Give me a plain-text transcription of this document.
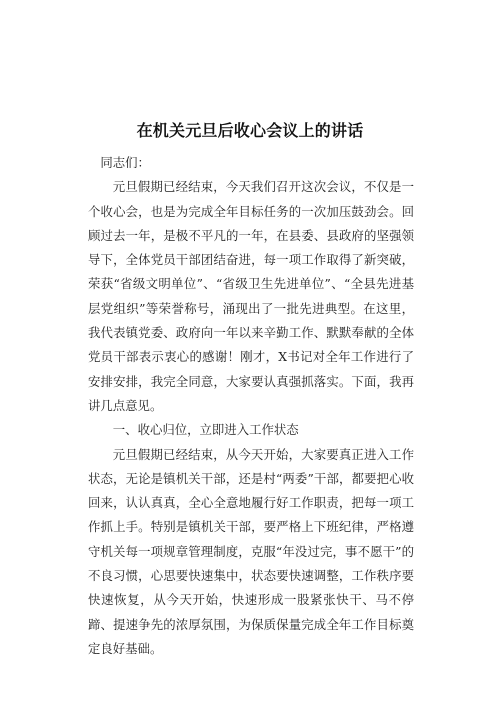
在机关元旦后收心会议上的讲话

同志们：

元旦假期已经结束，今天我们召开这次会议，不仅是一个收心会，也是为完成全年目标任务的一次加压鼓劲会。回顾过去一年，是极不平凡的一年，在县委、县政府的坚强领导下，全体党员干部团结奋进，每一项工作取得了新突破，荣获“省级文明单位”、“省级卫生先进单位”、“全县先进基层党组织”等荣誉称号，涌现出了一批先进典型。在这里，我代表镇党委、政府向一年以来辛勤工作、默默奉献的全体党员干部表示衷心的感谢！刚才，X书记对全年工作进行了安排安排，我完全同意，大家要认真强抓落实。下面，我再讲几点意见。

一、收心归位，立即进入工作状态

元旦假期已经结束，从今天开始，大家要真正进入工作状态，无论是镇机关干部，还是村“两委”干部，都要把心收回来，认认真真，全心全意地履行好工作职责，把每一项工作抓上手。特别是镇机关干部，要严格上下班纪律，严格遵守机关每一项规章管理制度，克服“年没过完，事不愿干”的不良习惯，心思要快速集中，状态要快速调整，工作秩序要快速恢复，从今天开始，快速形成一股紧张快干、马不停蹄、提速争先的浓厚氛围，为保质保量完成全年工作目标奠定良好基础。
